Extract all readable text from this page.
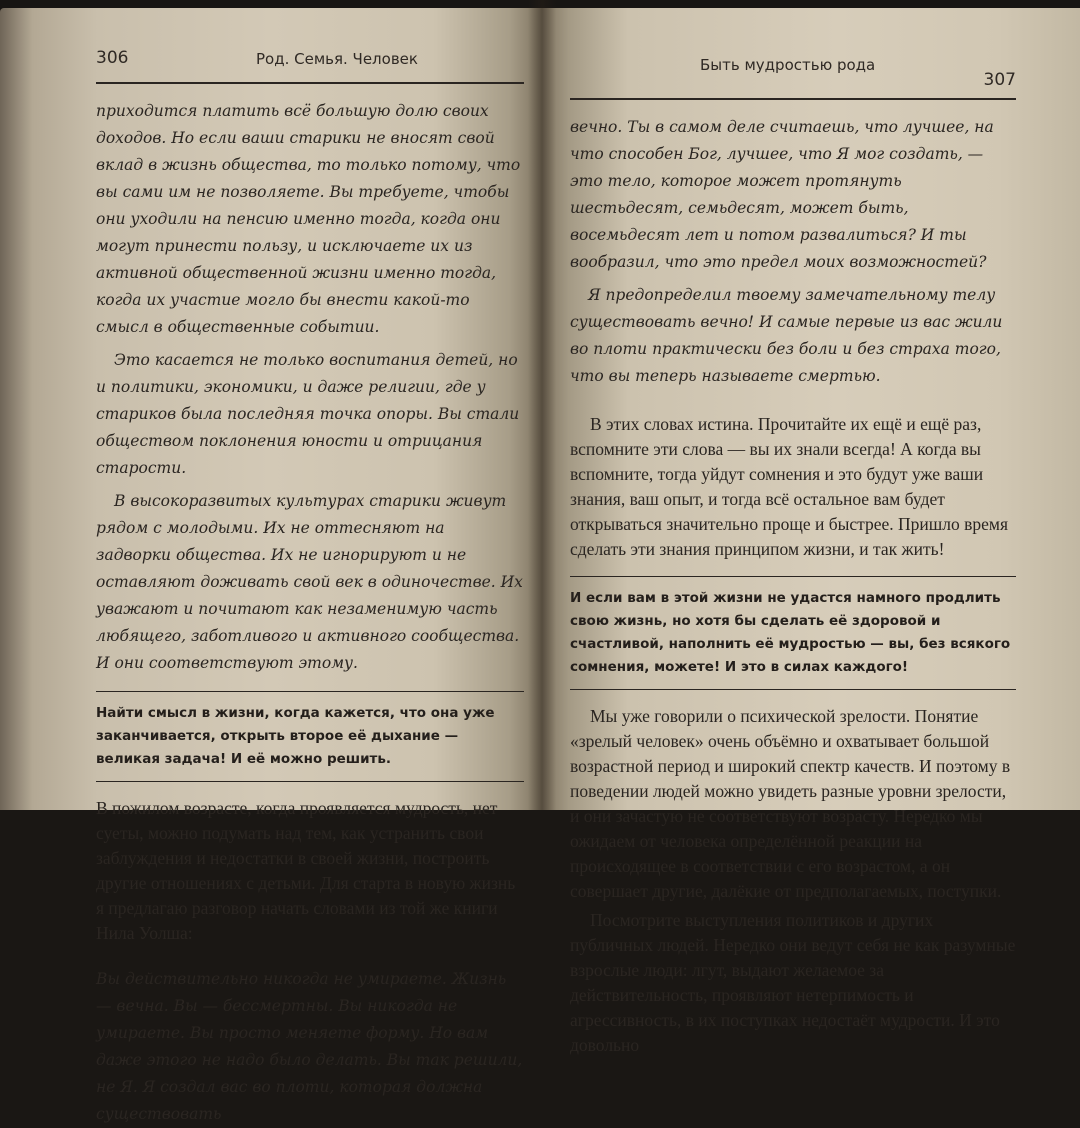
306	Род. Семья. Человек

приходится платить всё большую долю своих доходов. Но если ваши старики не вносят свой вклад в жизнь общества, то только потому, что вы сами им не позволяете. Вы требуете, чтобы они уходили на пенсию именно тогда, когда они могут принести пользу, и исключаете их из активной общественной жизни именно тогда, когда их участие могло бы внести какой-то смысл в общественные событии.

Это касается не только воспитания детей, но и политики, экономики, и даже религии, где у стариков была последняя точка опоры. Вы стали обществом поклонения юности и отрицания старости.

В высокоразвитых культурах старики живут рядом с молодыми. Их не оттесняют на задворки общества. Их не игнорируют и не оставляют доживать свой век в одиночестве. Их уважают и почитают как незаменимую часть любящего, заботливого и активного сообщества. И они соответствуют этому.

Найти смысл в жизни, когда кажется, что она уже заканчивается, открыть второе её дыхание — великая задача! И её можно решить.

В пожилом возрасте, когда проявляется мудрость, нет суеты, можно подумать над тем, как устранить свои заблуждения и недостатки в своей жизни, построить другие отношениях с детьми. Для старта в новую жизнь я предлагаю разговор начать словами из той же книги Нила Уолша:

Вы действительно никогда не умираете. Жизнь — вечна. Вы — бессмертны. Вы никогда не умираете. Вы просто меняете форму. Но вам даже этого не надо было делать. Вы так решили, не Я. Я создал вас во плоти, которая должна существовать

Быть мудростью рода
307

вечно. Ты в самом деле считаешь, что лучшее, на что способен Бог, лучшее, что Я мог создать, — это тело, которое может протянуть шестьдесят, семьдесят, может быть, восемьдесят лет и потом развалиться? И ты вообразил, что это предел моих возможностей?

Я предопределил твоему замечательному телу существовать вечно! И самые первые из вас жили во плоти практически без боли и без страха того, что вы теперь называете смертью.

В этих словах истина. Прочитайте их ещё и ещё раз, вспомните эти слова — вы их знали всегда! А когда вы вспомните, тогда уйдут сомнения и это будут уже ваши знания, ваш опыт, и тогда всё остальное вам будет открываться значительно проще и быстрее. Пришло время сделать эти знания принципом жизни, и так жить!

И если вам в этой жизни не удастся намного продлить свою жизнь, но хотя бы сделать её здоровой и счастливой, наполнить её мудростью — вы, без всякого сомнения, можете! И это в силах каждого!

Мы уже говорили о психической зрелости. Понятие «зрелый человек» очень объёмно и охватывает большой возрастной период и широкий спектр качеств. И поэтому в поведении людей можно увидеть разные уровни зрелости, и они зачастую не соответствуют возрасту. Нередко мы ожидаем от человека определённой реакции на происходящее в соответствии с его возрастом, а он совершает другие, далёкие от предполагаемых, поступки.

Посмотрите выступления политиков и других публичных людей. Нередко они ведут себя не как разумные взрослые люди: лгут, выдают желаемое за действительность, проявляют нетерпимость и агрессивность, в их поступках недостаёт мудрости. И это довольно
